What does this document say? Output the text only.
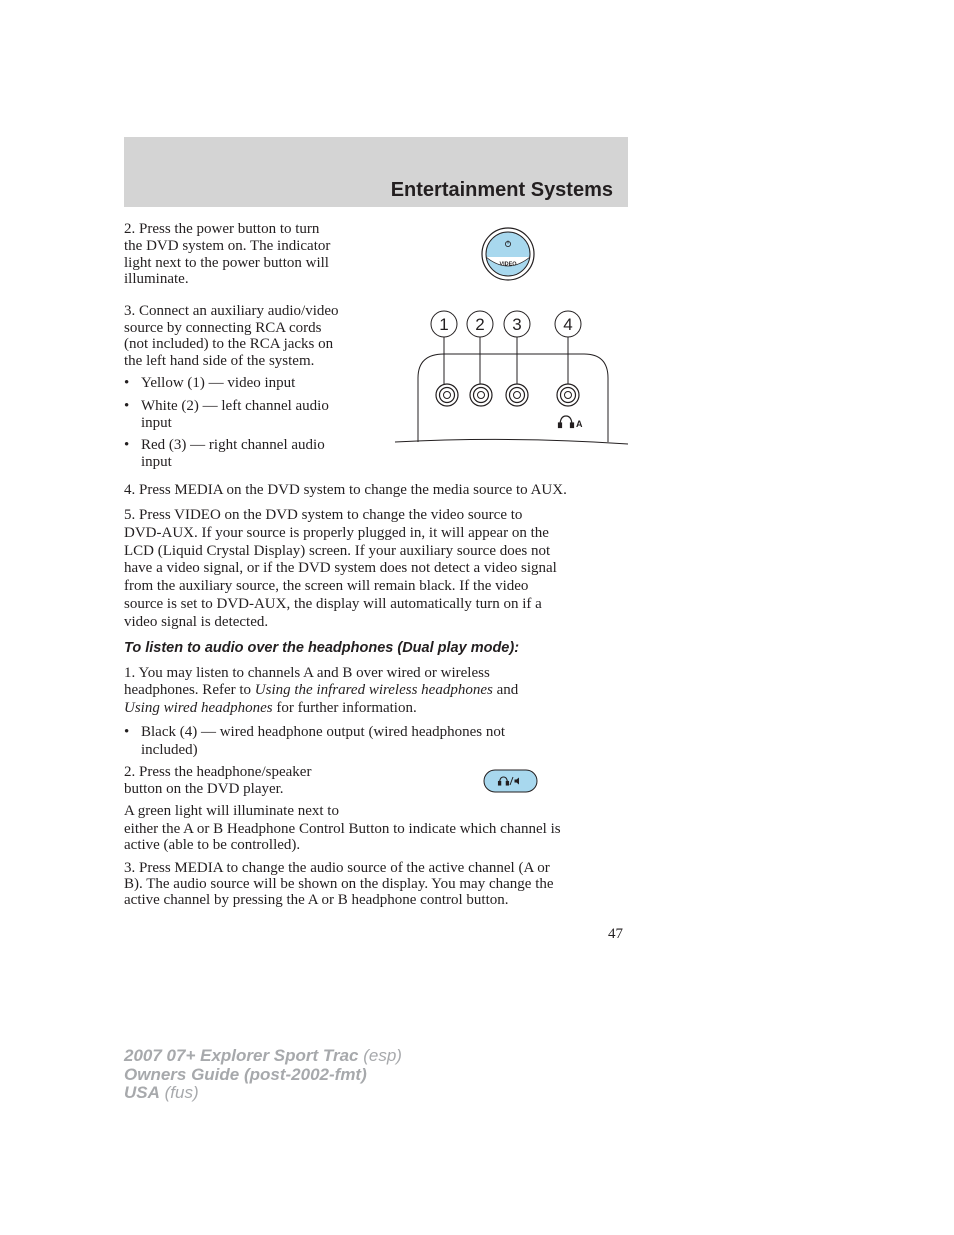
Entertainment Systems

2. Press the power button to turn

the DVD system on. The indicator

light next to the power button will

illuminate.

VIDEO

3. Connect an auxiliary audio/video

source by connecting RCA cords

(not included) to the RCA jacks on

the left hand side of the system.

1 2 3 4
A
• Yellow (1) — video input
• White (2) — left channel audio
input
• Red (3) — right channel audio
input

4. Press MEDIA on the DVD system to change the media source to AUX.

5. Press VIDEO on the DVD system to change the video source to

DVD-AUX. If your source is properly plugged in, it will appear on the

LCD (Liquid Crystal Display) screen. If your auxiliary source does not

have a video signal, or if the DVD system does not detect a video signal

from the auxiliary source, the screen will remain black. If the video

source is set to DVD-AUX, the display will automatically turn on if a

video signal is detected.

To listen to audio over the headphones (Dual play mode):

1. You may listen to channels A and B over wired or wireless

headphones. Refer to Using the infrared wireless headphones and

Using wired headphones for further information.

• Black (4) — wired headphone output (wired headphones not
included)

2. Press the headphone/speaker

button on the DVD player.

A green light will illuminate next to

either the A or B Headphone Control Button to indicate which channel is

active (able to be controlled).

3. Press MEDIA to change the audio source of the active channel (A or

B). The audio source will be shown on the display. You may change the

active channel by pressing the A or B headphone control button.

47
2007 07+ Explorer Sport Trac (esp)
Owners Guide (post-2002-fmt)
USA (fus)
